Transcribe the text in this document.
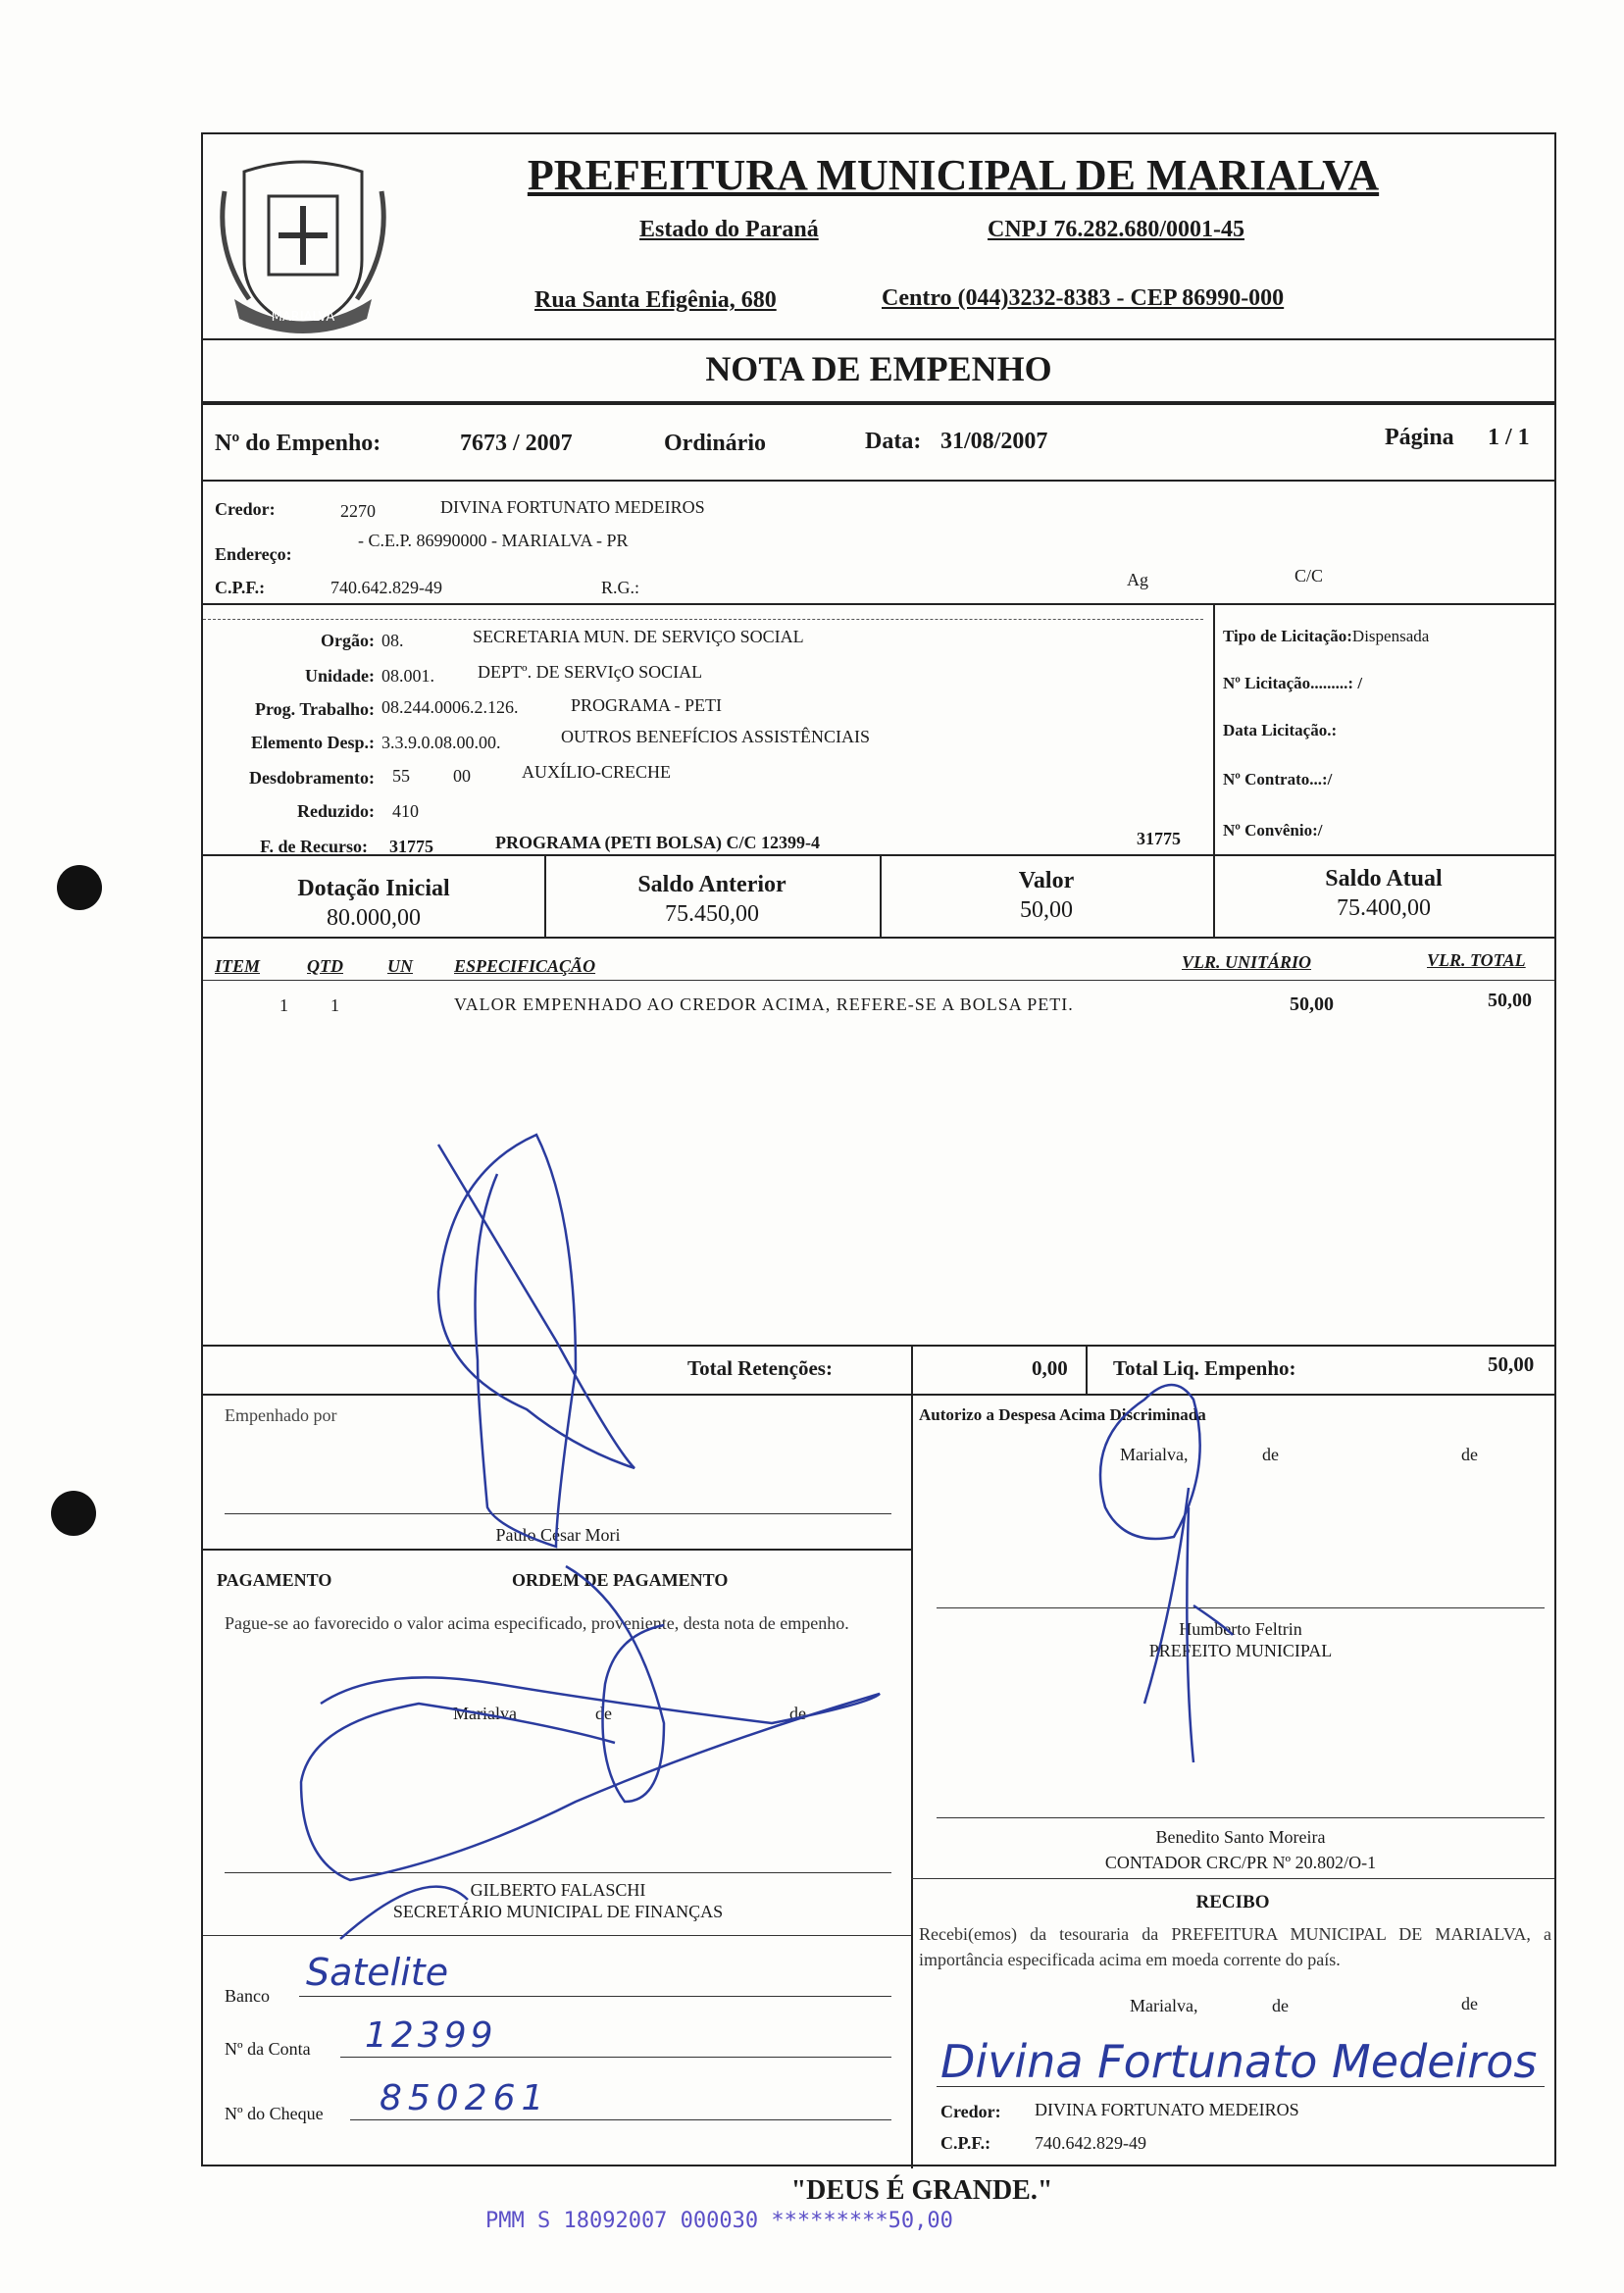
MARIALVA
PREFEITURA MUNICIPAL DE MARIALVA
Estado do Paraná	CNPJ 76.282.680/0001-45
Rua Santa Efigênia, 680	Centro (044)3232-8383 - CEP 86990-000
NOTA DE EMPENHO
Nº do Empenho:	7673 / 2007	Ordinário	Data: 31/08/2007	Página 1 / 1
Credor:	2270	DIVINA FORTUNATO MEDEIROS
Endereço:
- C.E.P. 86990000 - MARIALVA - PR
C.P.F.:	740.642.829-49	R.G.:	Ag	C/C
Orgão: 08.	SECRETARIA MUN. DE SERVIÇO SOCIAL
Unidade: 08.001. DEPTº. DE SERVIçO SOCIAL
Prog. Trabalho: 08.244.0006.2.126.	PROGRAMA - PETI
Elemento Desp.: 3.3.9.0.08.00.00.	OUTROS BENEFÍCIOS ASSISTÊNCIAIS
Desdobramento: 55 00	AUXÍLIO-CRECHE
Reduzido: 410
F. de Recurso: 31775	PROGRAMA (PETI BOLSA) C/C 12399-4	31775
Tipo de Licitação:Dispensada
Nº Licitação.........: /
Data Licitação.:
Nº Contrato...:/
Nº Convênio:/
Dotação Inicial
80.000,00
Saldo Anterior
75.450,00
Valor
50,00
Saldo Atual
75.400,00
ITEM	QTD	UN ESPECIFICAÇÃO	VLR. UNITÁRIO	VLR. TOTAL
1 1	VALOR EMPENHADO AO CREDOR ACIMA, REFERE-SE A BOLSA PETI.	50,00	50,00
Total Retenções:	0,00 Total Liq. Empenho:	50,00
Empenhado por
Paulo César Mori
PAGAMENTO	ORDEM DE PAGAMENTO
Pague-se ao favorecido o valor acima especificado, proveniente, desta nota de empenho.
Marialva	de	de
GILBERTO FALASCHI
SECRETÁRIO MUNICIPAL DE FINANÇAS
Banco
Satelite
Nº da Conta 12399
Nº do Cheque 850261
Autorizo a Despesa Acima Discriminada
Marialva,	de	de
Humberto Feltrin
PREFEITO MUNICIPAL
Benedito Santo Moreira
CONTADOR CRC/PR Nº 20.802/O-1
RECIBO
Recebi(emos) da tesouraria da PREFEITURA MUNICIPAL DE MARIALVA, a importância especificada acima em moeda corrente do país.
Marialva,	de	de
Divina Fortunato Medeiros
Credor: DIVINA FORTUNATO MEDEIROS
C.P.F.: 740.642.829-49
"DEUS É GRANDE."
PMM S 18092007 000030 *********50,00
